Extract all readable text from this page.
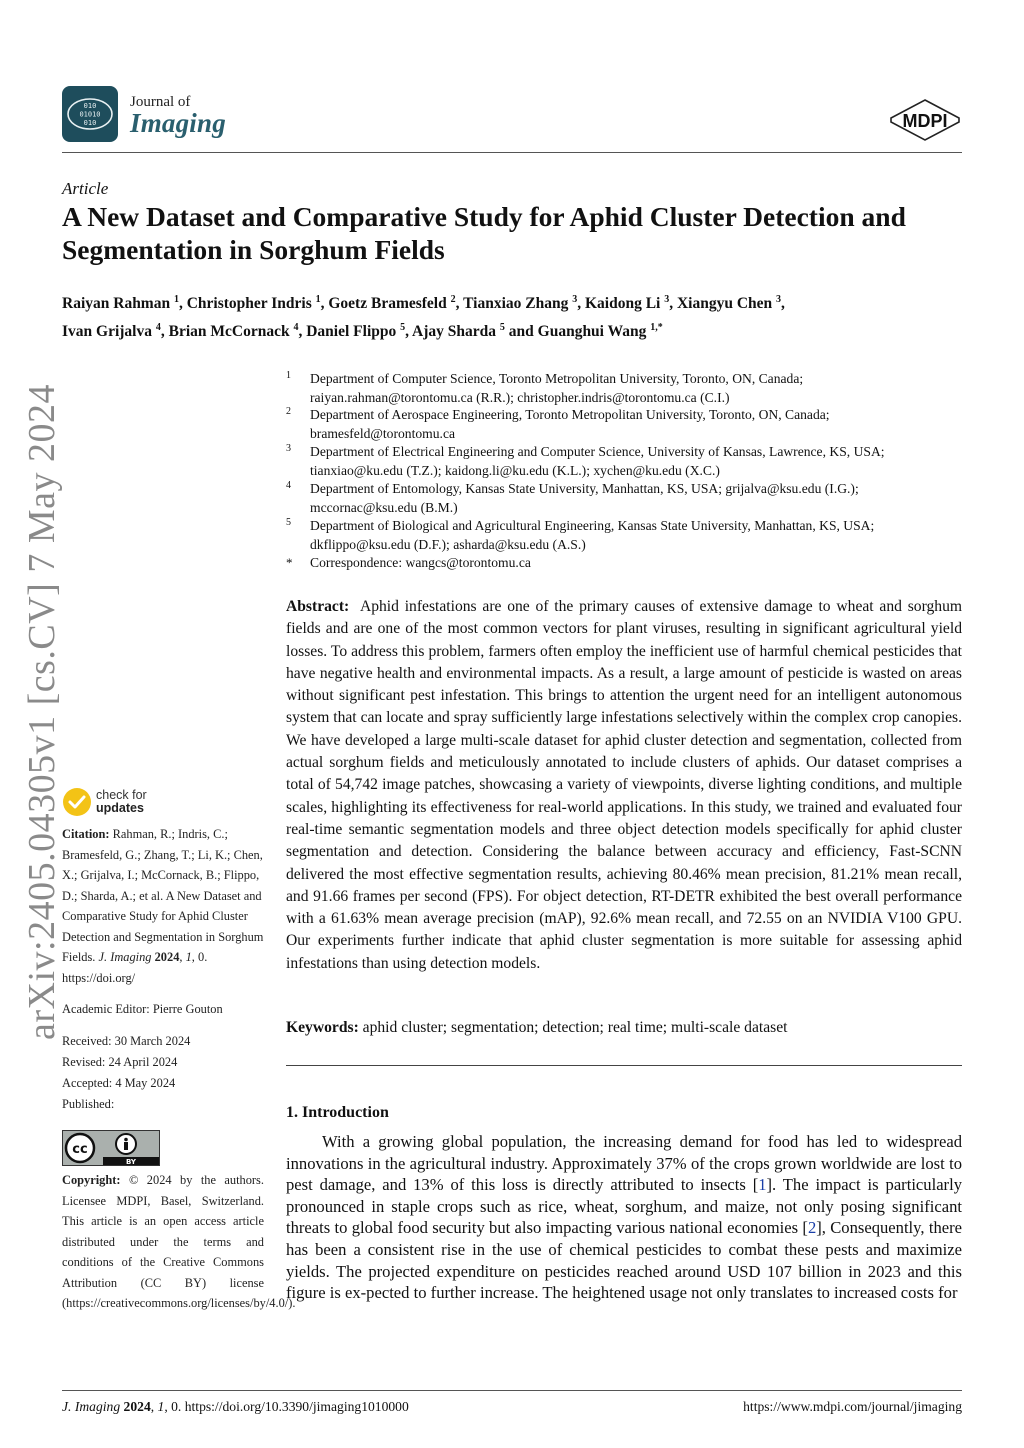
010
01010
010
Journal of
Imaging	MDPI
Article
A New Dataset and Comparative Study for Aphid Cluster Detection and Segmentation in Sorghum Fields
Raiyan Rahman $^1$, Christopher Indris $^1$, Goetz Bramesfeld $^2$, Tianxiao Zhang $^3$, Kaidong Li $^3$, Xiangyu Chen $^3$,
Ivan Grijalva $^4$, Brian McCornack $^4$, Daniel Flippo $^5$, Ajay Sharda $^5$ and Guanghui Wang $^{1,*}$
1 Department of Computer Science, Toronto Metropolitan University, Toronto, ON, Canada; raiyan.rahman@torontomu.ca (R.R.); christopher.indris@torontomu.ca (C.I.)
2 Department of Aerospace Engineering, Toronto Metropolitan University, Toronto, ON, Canada; bramesfeld@torontomu.ca
3 Department of Electrical Engineering and Computer Science, University of Kansas, Lawrence, KS, USA; tianxiao@ku.edu (T.Z.); kaidong.li@ku.edu (K.L.); xychen@ku.edu (X.C.)
4 Department of Entomology, Kansas State University, Manhattan, KS, USA; grijalva@ksu.edu (I.G.); mccornac@ksu.edu (B.M.)
5 Department of Biological and Agricultural Engineering, Kansas State University, Manhattan, KS, USA; dkflippo@ksu.edu (D.F.); asharda@ksu.edu (A.S.)
* Correspondence: wangcs@torontomu.ca
Abstract: Aphid infestations are one of the primary causes of extensive damage to wheat and sorghum fields and are one of the most common vectors for plant viruses, resulting in significant agricultural yield losses. To address this problem, farmers often employ the inefficient use of harmful chemical pesticides that have negative health and environmental impacts. As a result, a large amount of pesticide is wasted on areas without significant pest infestation. This brings to attention the urgent need for an intelligent autonomous system that can locate and spray sufficiently large infestations selectively within the complex crop canopies. We have developed a large multi-scale dataset for aphid cluster detection and segmentation, collected from actual sorghum fields and meticulously annotated to include clusters of aphids. Our dataset comprises a total of 54,742 image patches, showcasing a variety of viewpoints, diverse lighting conditions, and multiple scales, highlighting its effectiveness for real-world applications. In this study, we trained and evaluated four real-time semantic segmentation models and three object detection models specifically for aphid cluster segmentation and detection. Considering the balance between accuracy and efficiency, Fast-SCNN delivered the most effective segmentation results, achieving 80.46% mean precision, 81.21% mean recall, and 91.66 frames per second (FPS). For object detection, RT-DETR exhibited the best overall performance with a 61.63% mean average precision (mAP), 92.6% mean recall, and 72.55 on an NVIDIA V100 GPU. Our experiments further indicate that aphid cluster segmentation is more suitable for assessing aphid infestations than using detection models.
Keywords: aphid cluster; segmentation; detection; real time; multi-scale dataset
1. Introduction
With a growing global population, the increasing demand for food has led to widespread innovations in the agricultural industry. Approximately 37% of the crops grown worldwide are lost to pest damage, and 13% of this loss is directly attributed to insects [1]. The impact is particularly pronounced in staple crops such as rice, wheat, sorghum, and maize, not only posing significant threats to global food security but also impacting various national economies [2], Consequently, there has been a consistent rise in the use of chemical pesticides to combat these pests and maximize yields. The projected expenditure on pesticides reached around USD 107 billion in 2023 and this figure is ex-pected to further increase. The heightened usage not only translates to increased costs for
arXiv:2405.04305v1 [cs.CV] 7 May 2024	check for
updates
Citation: Rahman, R.; Indris, C.; Bramesfeld, G.; Zhang, T.; Li, K.; Chen, X.; Grijalva, I.; McCornack, B.; Flippo, D.; Sharda, A.; et al. A New Dataset and Comparative Study for Aphid Cluster Detection and Segmentation in Sorghum Fields. J. Imaging 2024, 1, 0. https://doi.org/
Academic Editor: Pierre Gouton
Received: 30 March 2024
Revised: 24 April 2024
Accepted: 4 May 2024
Published:
cc
BY
Copyright: © 2024 by the authors. Licensee MDPI, Basel, Switzerland. This article is an open access article distributed under the terms and conditions of the Creative Commons Attribution (CC BY) license (https://creativecommons.org/licenses/by/4.0/).
J. Imaging 2024, 1, 0. https://doi.org/10.3390/jimaging1010000	https://www.mdpi.com/journal/jimaging
